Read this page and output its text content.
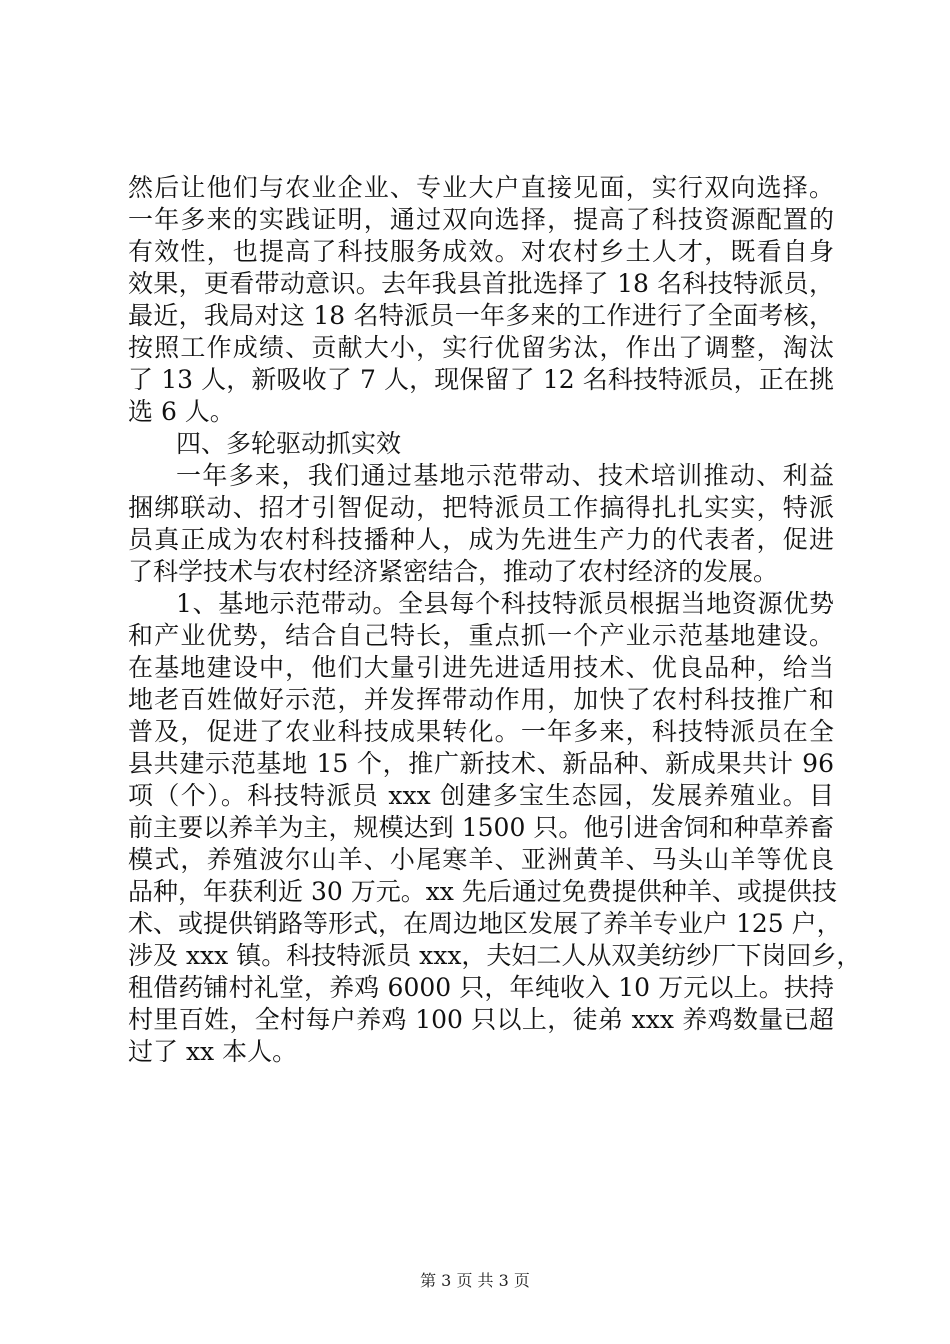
然后让他们与农业企业、专业大户直接见面，实行双向选择。
一年多来的实践证明，通过双向选择，提高了科技资源配置的
有效性，也提高了科技服务成效。对农村乡土人才，既看自身
效果，更看带动意识。去年我县首批选择了 18 名科技特派员，
最近，我局对这 18 名特派员一年多来的工作进行了全面考核，
按照工作成绩、贡献大小，实行优留劣汰，作出了调整，淘汰
了 13 人，新吸收了 7 人，现保留了 12 名科技特派员，正在挑
选 6 人。
四、多轮驱动抓实效
一年多来，我们通过基地示范带动、技术培训推动、利益
捆绑联动、招才引智促动，把特派员工作搞得扎扎实实，特派
员真正成为农村科技播种人，成为先进生产力的代表者，促进
了科学技术与农村经济紧密结合，推动了农村经济的发展。
1、基地示范带动。全县每个科技特派员根据当地资源优势
和产业优势，结合自己特长，重点抓一个产业示范基地建设。
在基地建设中，他们大量引进先进适用技术、优良品种，给当
地老百姓做好示范，并发挥带动作用，加快了农村科技推广和
普及，促进了农业科技成果转化。一年多来，科技特派员在全
县共建示范基地 15 个，推广新技术、新品种、新成果共计 96
项（个）。科技特派员 xxx 创建多宝生态园，发展养殖业。目
前主要以养羊为主，规模达到 1500 只。他引进舍饲和种草养畜
模式，养殖波尔山羊、小尾寒羊、亚洲黄羊、马头山羊等优良
品种，年获利近 30 万元。xx 先后通过免费提供种羊、或提供技
术、或提供销路等形式，在周边地区发展了养羊专业户 125 户，
涉及 xxx 镇。科技特派员 xxx，夫妇二人从双美纺纱厂下岗回乡，
租借药铺村礼堂，养鸡 6000 只，年纯收入 10 万元以上。扶持
村里百姓，全村每户养鸡 100 只以上，徒弟 xxx 养鸡数量已超
过了 xx 本人。
第 3 页 共 3 页
